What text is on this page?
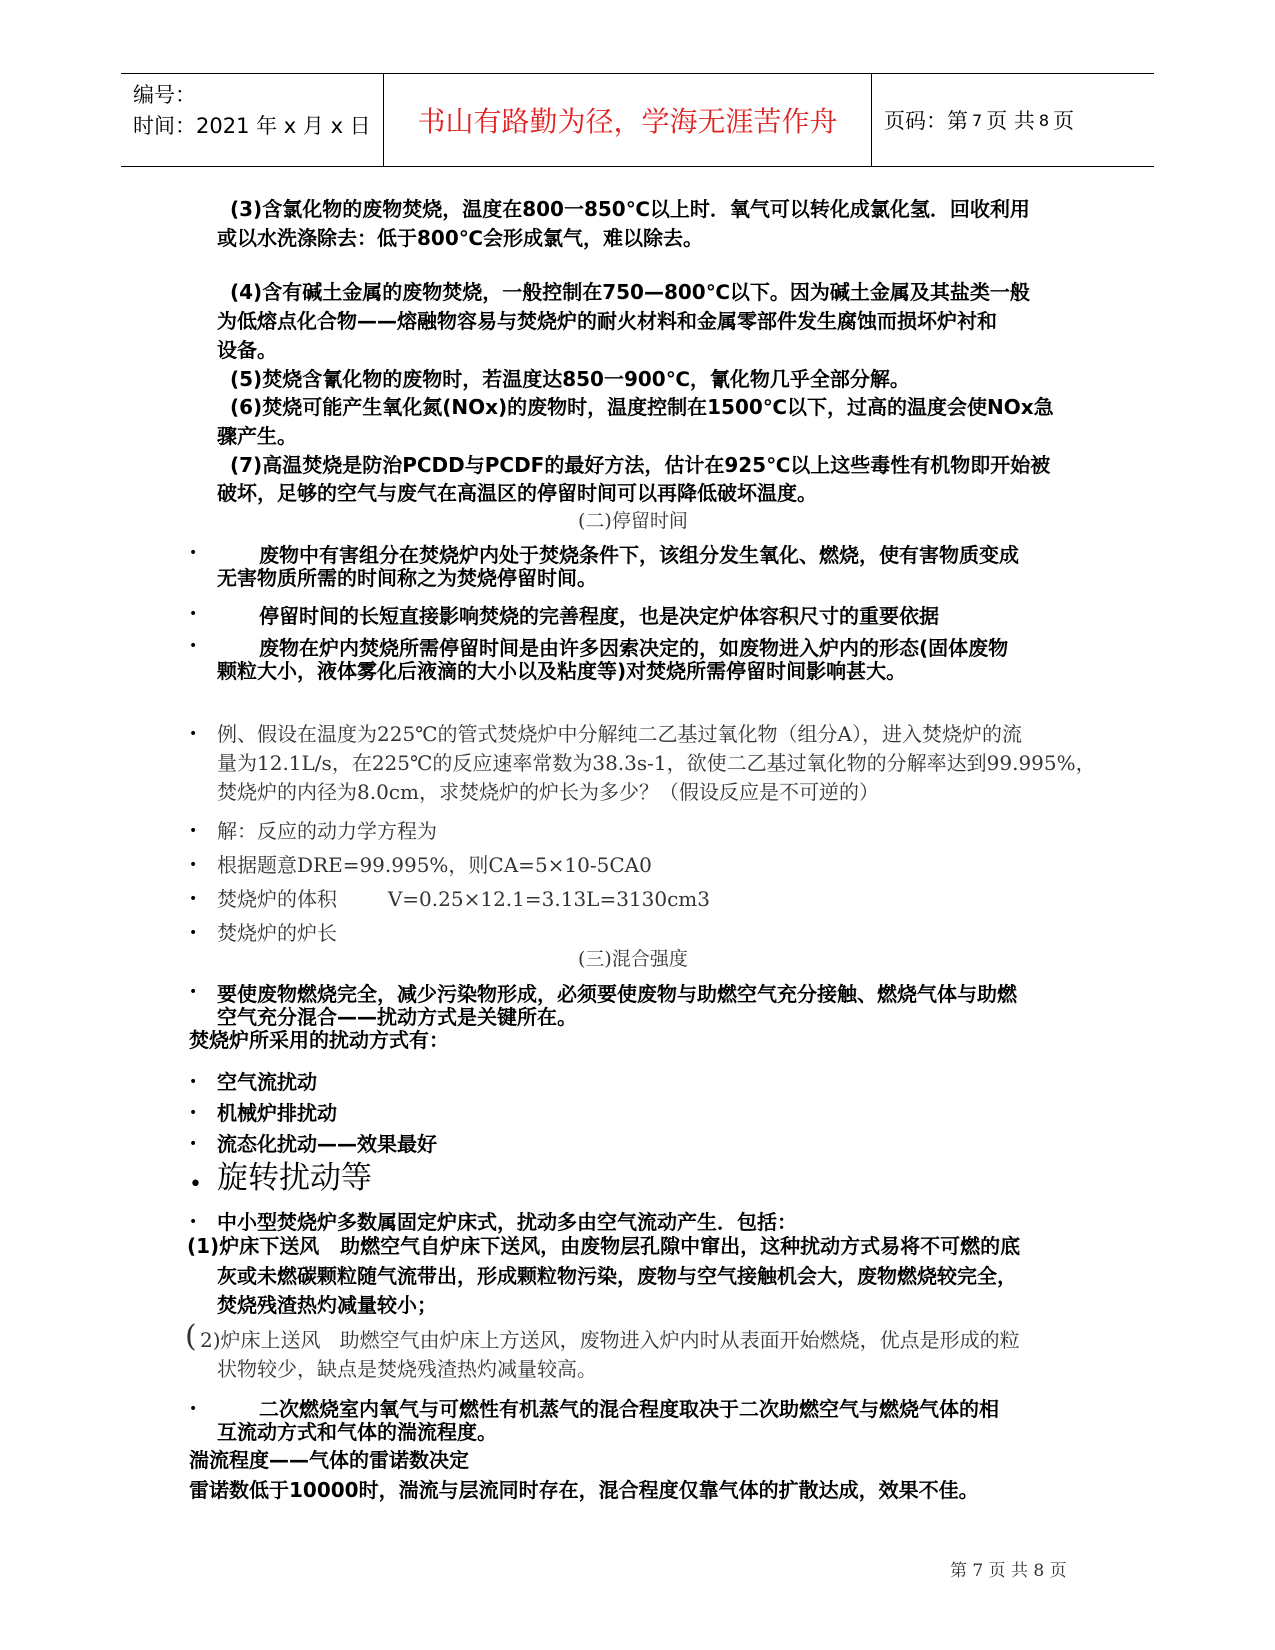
编号：
时间：2021 年 x 月 x 日	书山有路勤为径，学海无涯苦作舟	页码：第 7 页 共 8 页
(3)含氯化物的废物焚烧，温度在800一850℃以上时．氧气可以转化成氯化氢．回收利用
或以水洗涤除去：低于800℃会形成氯气，难以除去。
(4)含有碱土金属的废物焚烧，一般控制在750—800℃以下。因为碱土金属及其盐类一般
为低熔点化合物——熔融物容易与焚烧炉的耐火材料和金属零部件发生腐蚀而损坏炉衬和
设备。
(5)焚烧含氰化物的废物时，若温度达850一900℃，氰化物几乎全部分解。
(6)焚烧可能产生氧化氮(NOx)的废物时，温度控制在1500℃以下，过高的温度会使NOx急
骤产生。
(7)高温焚烧是防治PCDD与PCDF的最好方法，估计在925℃以上这些毒性有机物即开始被
破坏，足够的空气与废气在高温区的停留时间可以再降低破坏温度。
(二)停留时间
•	废物中有害组分在焚烧炉内处于焚烧条件下，该组分发生氧化、燃烧，使有害物质变成
无害物质所需的时间称之为焚烧停留时间。
•	停留时间的长短直接影响焚烧的完善程度，也是决定炉体容积尺寸的重要依据
•	废物在炉内焚烧所需停留时间是由许多因索决定的，如废物进入炉内的形态(固体废物
颗粒大小，液体雾化后液滴的大小以及粘度等)对焚烧所需停留时间影响甚大。
• 例、假设在温度为225℃的管式焚烧炉中分解纯二乙基过氧化物（组分A），进入焚烧炉的流
量为12.1L/s，在225℃的反应速率常数为38.3s-1，欲使二乙基过氧化物的分解率达到99.995%，
焚烧炉的内径为8.0cm，求焚烧炉的炉长为多少？（假设反应是不可逆的）
• 解：反应的动力学方程为
• 根据题意DRE=99.995%，则CA=5×10-5CA0
• 焚烧炉的体积        V=0.25×12.1=3.13L=3130cm3
• 焚烧炉的炉长
(三)混合强度
• 要使废物燃烧完全，减少污染物形成，必须要使废物与助燃空气充分接触、燃烧气体与助燃
空气充分混合——扰动方式是关键所在。
焚烧炉所采用的扰动方式有：
• 空气流扰动
• 机械炉排扰动
• 流态化扰动——效果最好
• 旋转扰动等
• 中小型焚烧炉多数属固定炉床式，扰动多由空气流动产生．包括：
(1)炉床下送风   助燃空气自炉床下送风，由废物层孔隙中窜出，这种扰动方式易将不可燃的底
灰或未燃碳颗粒随气流带出，形成颗粒物污染，废物与空气接触机会大，废物燃烧较完全，
焚烧残渣热灼减量较小；
( 2)炉床上送风   助燃空气由炉床上方送风，废物进入炉内时从表面开始燃烧，优点是形成的粒
状物较少，缺点是焚烧残渣热灼减量较高。
•	二次燃烧室内氧气与可燃性有机蒸气的混合程度取决于二次助燃空气与燃烧气体的相
互流动方式和气体的湍流程度。
湍流程度——气体的雷诺数决定
雷诺数低于10000时，湍流与层流同时存在，混合程度仅靠气体的扩散达成，效果不佳。
第 7 页 共 8 页
